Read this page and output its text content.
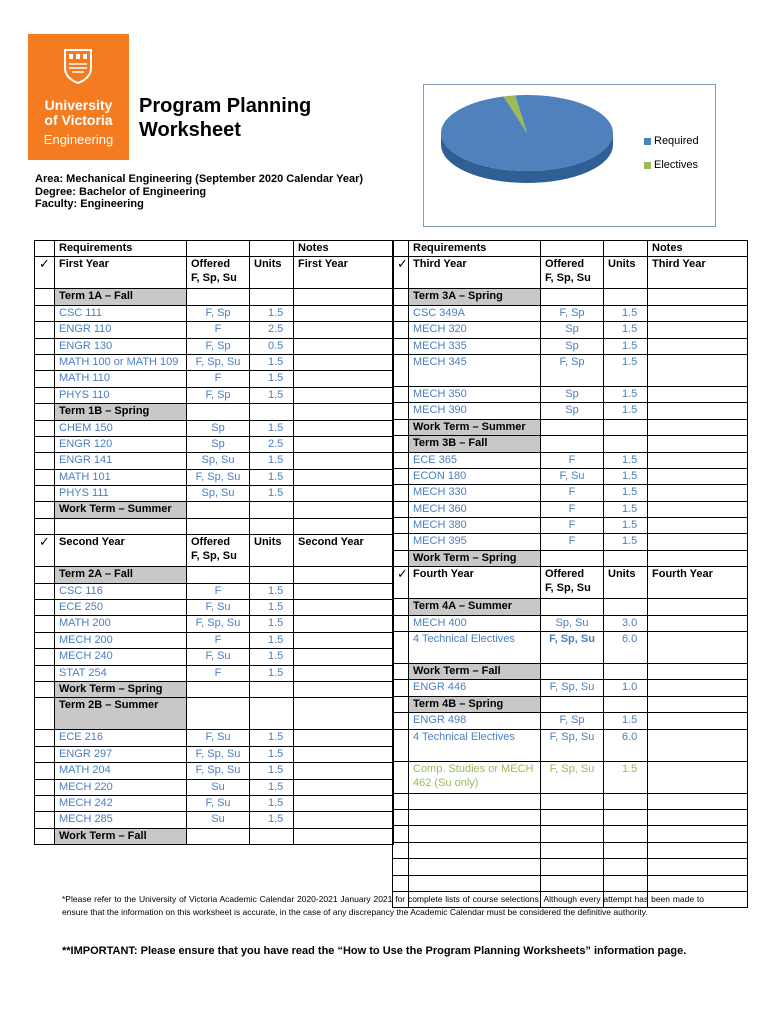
University
of Victoria
Engineering
Program Planning
Worksheet
Area: Mechanical Engineering (September 2020 Calendar Year)
Degree: Bachelor of Engineering
Faculty: Engineering
Required
Electives
	Requirements			Notes
✓	First Year	Offered
F, Sp, Su	Units	First Year
	Term 1A – Fall			
	CSC 111	F, Sp	1.5	
	ENGR 110	F	2.5	
	ENGR 130	F, Sp	0.5	
	MATH 100 or MATH 109	F, Sp, Su	1.5	
	MATH 110	F	1.5	
	PHYS 110	F, Sp	1.5	
	Term 1B – Spring			
	CHEM 150	Sp	1.5	
	ENGR 120	Sp	2.5	
	ENGR 141	Sp, Su	1.5	
	MATH 101	F, Sp, Su	1.5	
	PHYS 111	Sp, Su	1.5	
	Work Term – Summer			

✓	Second Year	Offered
F, Sp, Su	Units	Second Year
	Term 2A – Fall			
	CSC 116	F	1.5	
	ECE 250	F, Su	1.5	
	MATH 200	F, Sp, Su	1.5	
	MECH 200	F	1.5	
	MECH 240	F, Su	1.5	
	STAT 254	F	1.5	
	Work Term – Spring			
	Term 2B – Summer			
	ECE 216	F, Su	1.5	
	ENGR 297	F, Sp, Su	1.5	
	MATH 204	F, Sp, Su	1.5	
	MECH 220	Su	1.5	
	MECH 242	F, Su	1.5	
	MECH 285	Su	1.5	
	Work Term – Fall			
	Requirements			Notes
✓	Third Year	Offered
F, Sp, Su	Units	Third Year
	Term 3A – Spring			
	CSC 349A	F, Sp	1.5	
	MECH 320	Sp	1.5	
	MECH 335	Sp	1.5	
	MECH 345	F, Sp	1.5	
	MECH 350	Sp	1.5	
	MECH 390	Sp	1.5	
	Work Term – Summer			
	Term 3B – Fall			
	ECE 365	F	1.5	
	ECON 180	F, Su	1.5	
	MECH 330	F	1.5	
	MECH 360	F	1.5	
	MECH 380	F	1.5	
	MECH 395	F	1.5	
	Work Term – Spring			
✓	Fourth Year	Offered
F, Sp, Su	Units	Fourth Year
	Term 4A – Summer			
	MECH 400	Sp, Su	3.0	
	4 Technical Electives	F, Sp, Su	6.0	
	Work Term – Fall			
	ENGR 446	F, Sp, Su	1.0	
	Term 4B – Spring			
	ENGR 498	F, Sp	1.5	
	4 Technical Electives	F, Sp, Su	6.0	
	Comp. Studies or MECH 462 (Su only)	F, Sp, Su	1.5	

*Please refer to the University of Victoria Academic Calendar 2020-2021 January 2021 for complete lists of course selections. Although every attempt has been made to ensure that the information on this worksheet is accurate, in the case of any discrepancy the Academic Calendar must be considered the definitive authority.
**IMPORTANT: Please ensure that you have read the “How to Use the Program Planning Worksheets” information page.
